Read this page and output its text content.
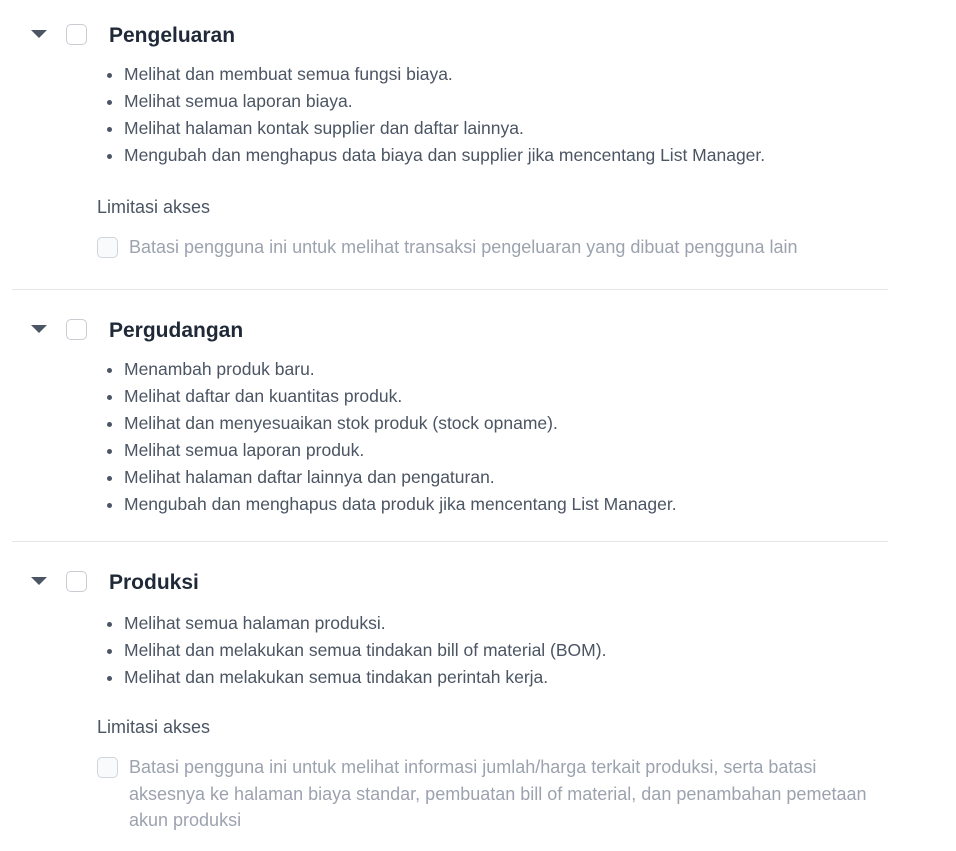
Pengeluaran
• Melihat dan membuat semua fungsi biaya.
• Melihat semua laporan biaya.
• Melihat halaman kontak supplier dan daftar lainnya.
• Mengubah dan menghapus data biaya dan supplier jika mencentang List Manager.
Limitasi akses
Batasi pengguna ini untuk melihat transaksi pengeluaran yang dibuat pengguna lain
Pergudangan
• Menambah produk baru.
• Melihat daftar dan kuantitas produk.
• Melihat dan menyesuaikan stok produk (stock opname).
• Melihat semua laporan produk.
• Melihat halaman daftar lainnya dan pengaturan.
• Mengubah dan menghapus data produk jika mencentang List Manager.
Produksi
• Melihat semua halaman produksi.
• Melihat dan melakukan semua tindakan bill of material (BOM).
• Melihat dan melakukan semua tindakan perintah kerja.
Limitasi akses
Batasi pengguna ini untuk melihat informasi jumlah/harga terkait produksi, serta batasi aksesnya ke halaman biaya standar, pembuatan bill of material, dan penambahan pemetaan akun produksi
